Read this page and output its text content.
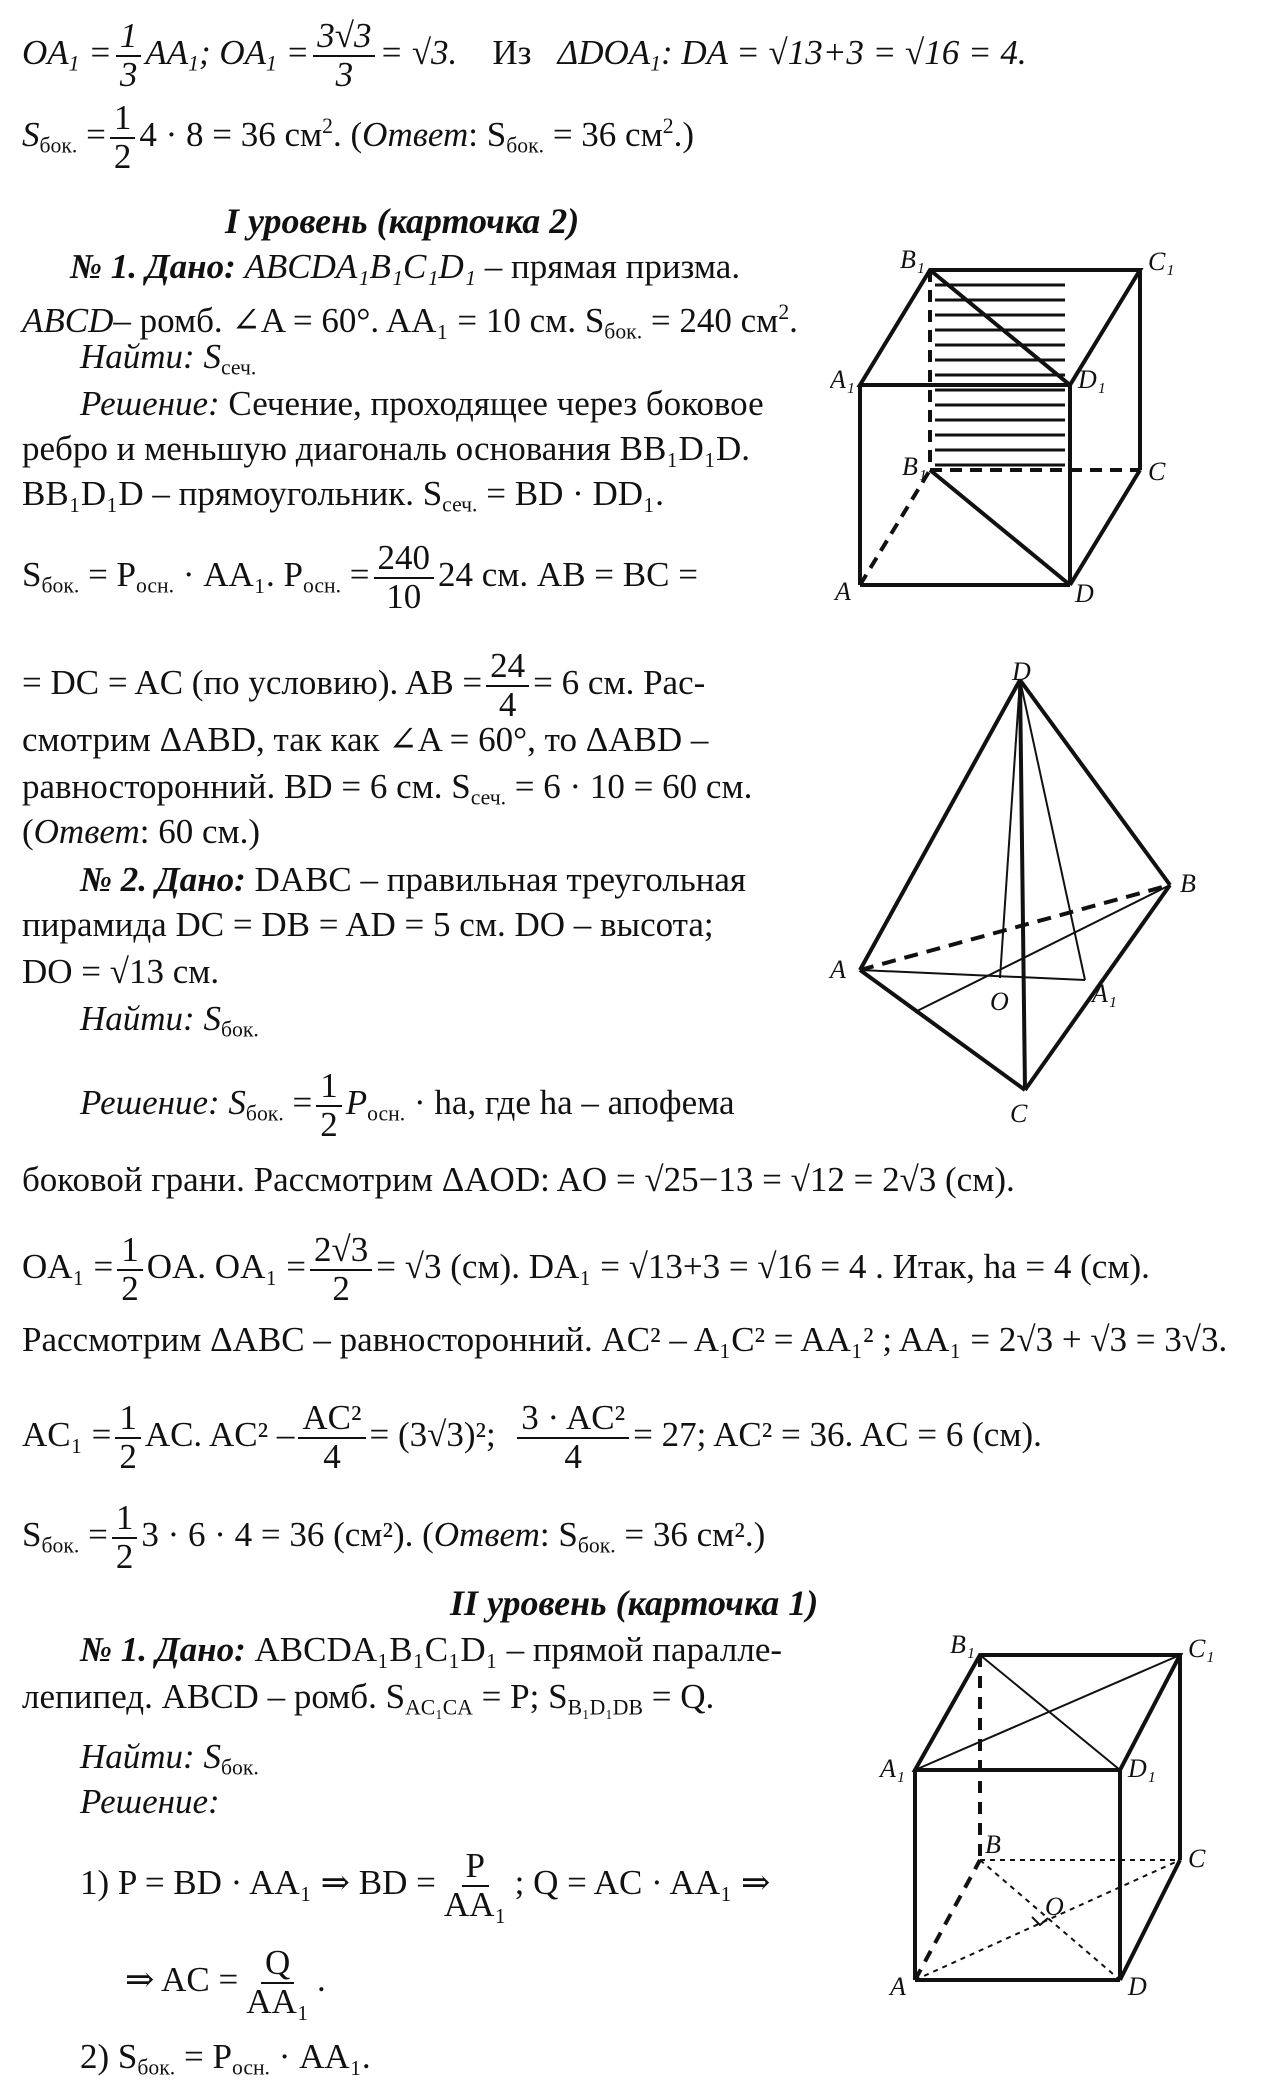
$OA_1 = \frac{1}{3} AA_1$; $OA_1 = \frac{3√3}{3} = √3$. Из $\Delta DOA_1$: DA = √13+3 = √16 = 4.
$S_{бок.} = \frac{1}{2} 4 \cdot 8 = 36$ $см^2$. (Ответ: $S_{бок.} = 36$ $см^2$.)
I уровень (карточка 2)
№ 1. Дано: ABCDA₁B₁C₁D₁ – прямая призма.
ABCD– ромб. ∠A = 60°. AA₁ = 10 см. $S_{бок.} = 240$ $см^2$.
Найти: $S_{сеч.}$
Решение: Сечение, проходящее через боковое
ребро и меньшую диагональ основания BB₁D₁D.
BB₁D₁D – прямоугольник. $S_{сеч.}$ = BD · DD₁.
$S_{бок.} = P_{осн.} \cdot AA_1$. $P_{осн.} = \frac{240}{10} 24$ см. AB = BC =
= DC = AC (по условию). AB = $\frac{24}{4} = 6$ см. Рас-
смотрим ΔABD, так как ∠A = 60°, то ΔABD –
равносторонний. BD = 6 см. $S_{сеч.} = 6 \cdot 10 = 60$ см.
(Ответ: 60 см.)
№ 2. Дано: DABC – правильная треугольная
пирамида DC = DB = AD = 5 см. DO – высота;
DO = √13 см.
Найти: $S_{бок.}$
Решение: $S_{бок.} = \frac{1}{2} P_{осн.}$ · ha, где ha – апофема
боковой грани. Рассмотрим ΔAOD: AO = √25−13 = √12 = 2√3 (см).
$OA_1 = \frac{1}{2}$ OA. $OA_1 = \frac{2√3}{2} = √3$ (см). DA₁ = √13+3 = √16 = 4 . Итак, ha = 4 (см).
Рассмотрим ΔABC – равносторонний. AC² – A₁C² = AA₁² ; AA₁ = 2√3 + √3 = 3√3.
$AC_1 = \frac{1}{2}$ AC. $AC^2 - \frac{\text{AC²}}{4} = (3√3)^2$; $\frac{\text{3 · AC²}}{4} = 27$; AC² = 36. AC = 6 (см).
$S_{бок.} = \frac{1}{2} 3 \cdot 6 \cdot 4 = 36$ (см²). (Ответ: $S_{бок.} = 36$ см².)
II уровень (карточка 1)
№ 1. Дано: ABCDA₁B₁C₁D₁ – прямой паралле-
лепипед. ABCD – ромб. $S_{AC_1CA} = P$; $S_{B_1D_1DB} = Q$.
Найти: $S_{бок.}$
Решение:
1) P = BD · AA₁ ⇒ BD = $\frac{P}{\text{AA₁}}$ ; Q = AC · AA₁ ⇒
⇒ AC = $\frac{Q}{\text{AA₁}}$ .
2) $S_{бок.} = P_{осн.} \cdot AA_1$.
B₁	C₁
A₁	D₁
B₁	C
A	D
D
B
A
O	A₁
C
B₁	C₁
A₁	D₁
B	C
O
A	D
